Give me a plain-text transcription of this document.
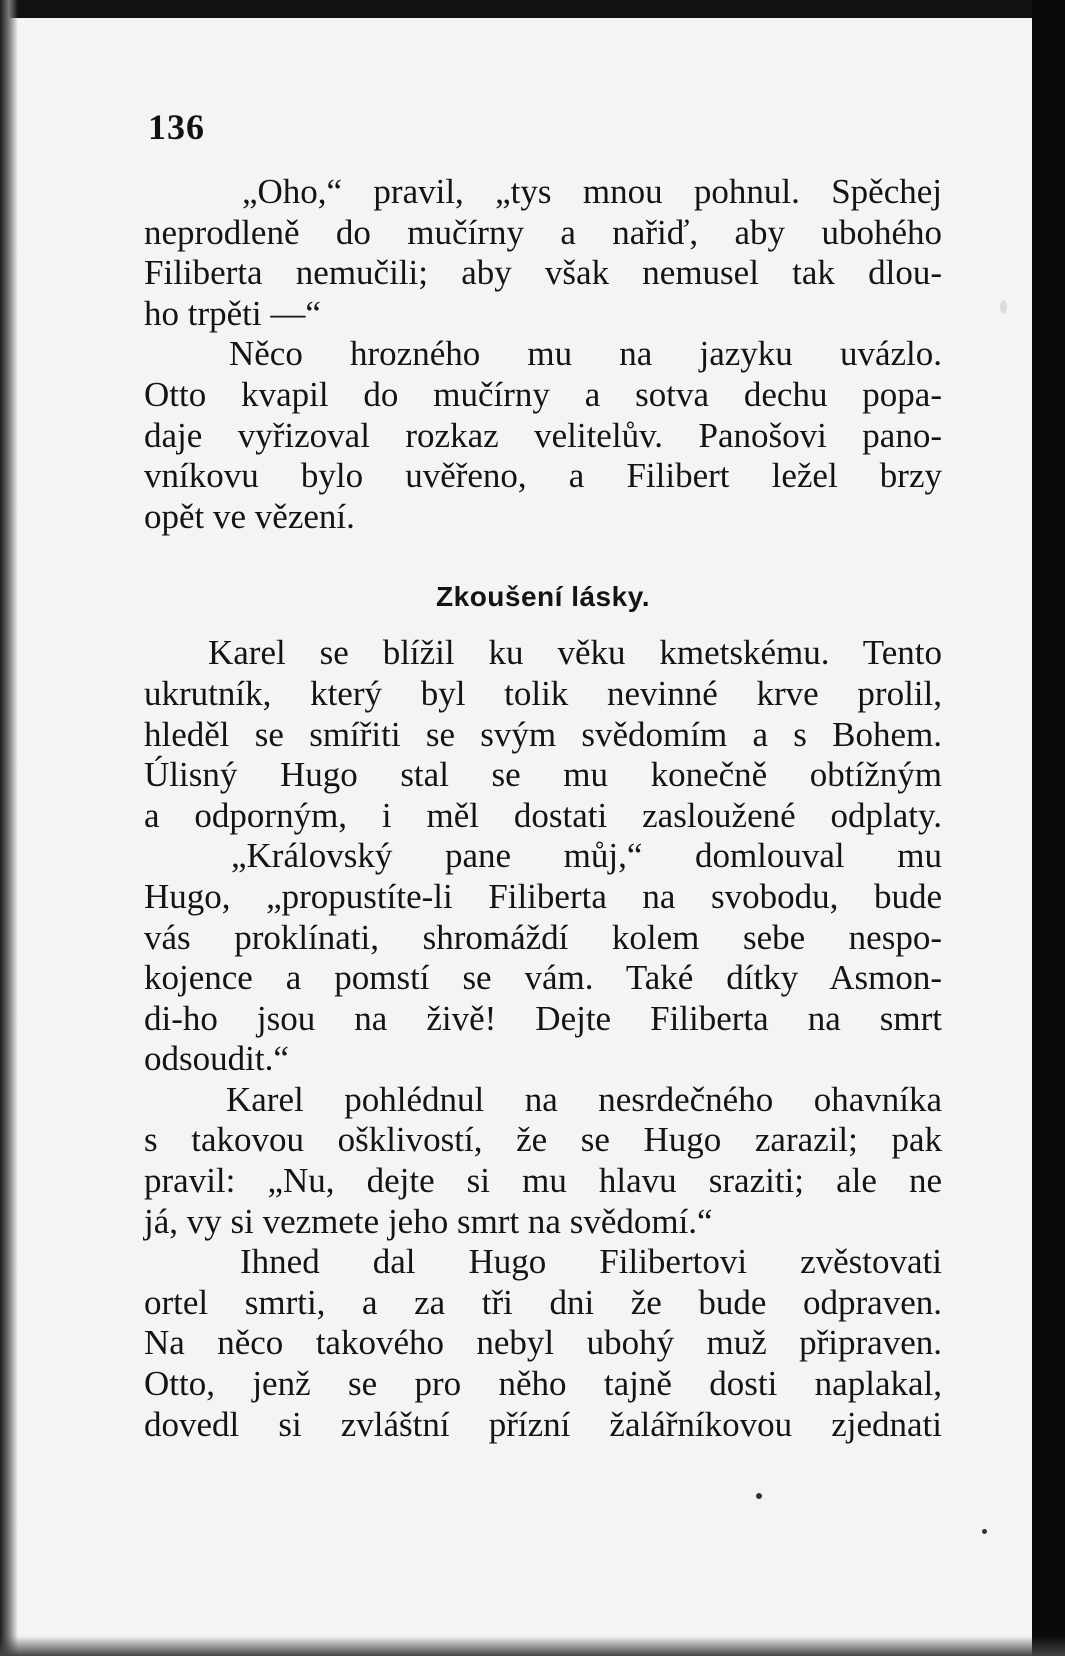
136
„Oho,“ pravil, „tys mnou pohnul. Spěchej
neprodleně do mučírny a nařiď, aby ubohého
Filiberta nemučili; aby však nemusel tak dlou-
ho trpěti —“
Něco hrozného mu na jazyku uvázlo.
Otto kvapil do mučírny a sotva dechu popa-
daje vyřizoval rozkaz velitelův. Panošovi pano-
vníkovu bylo uvěřeno, a Filibert ležel brzy
opět ve vězení.
Zkoušení lásky.
Karel se blížil ku věku kmetskému. Tento
ukrutník, který byl tolik nevinné krve prolil,
hleděl se smířiti se svým svědomím a s Bohem.
Úlisný Hugo stal se mu konečně obtížným
a odporným, i měl dostati zasloužené odplaty.
„Královský pane můj,“ domlouval mu
Hugo, „propustíte-li Filiberta na svobodu, bude
vás proklínati, shromáždí kolem sebe nespo-
kojence a pomstí se vám. Také dítky Asmon-
di-ho jsou na živě! Dejte Filiberta na smrt
odsoudit.“
Karel pohlédnul na nesrdečného ohavníka
s takovou ošklivostí, že se Hugo zarazil; pak
pravil: „Nu, dejte si mu hlavu sraziti; ale ne
já, vy si vezmete jeho smrt na svědomí.“
Ihned dal Hugo Filibertovi zvěstovati
ortel smrti, a za tři dni že bude odpraven.
Na něco takového nebyl ubohý muž připraven.
Otto, jenž se pro něho tajně dosti naplakal,
dovedl si zvláštní přízní žalářníkovou zjednati
